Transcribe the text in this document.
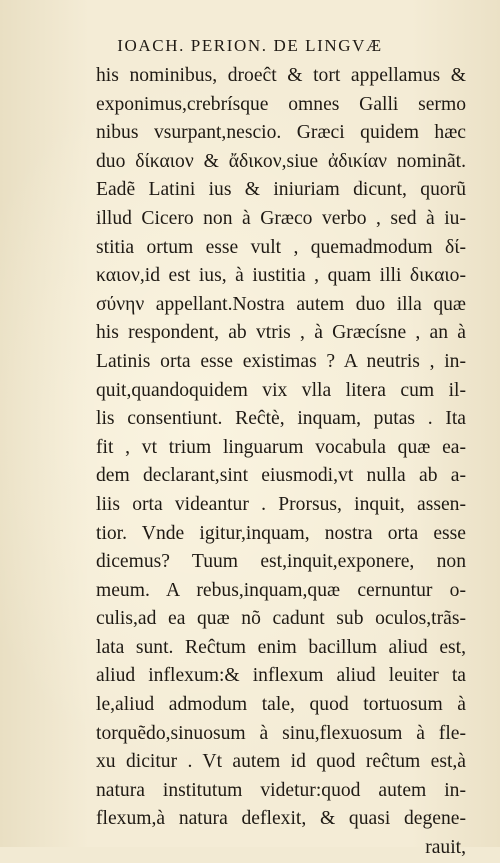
IOACH. PERION. DE LINGVÆ
his nominibus, droeĉt & tort appellamus &
exponimus,crebrísque omnes Galli sermo
nibus vsurpant,nescio. Græci quidem hæc
duo δίκαιον & ἄδικον,siue ἀδικίαν nominãt.
Eadẽ Latini ius & iniuriam dicunt, quorũ
illud Cicero non à Græco verbo , sed à iu-
stitia ortum esse vult , quemadmodum δί-
καιον,id est ius, à iustitia , quam illi δικαιο-
σύνην appellant.Nostra autem duo illa quæ
his respondent, ab vtris , à Græcísne , an à
Latinis orta esse existimas ? A neutris , in-
quit,quandoquidem vix vlla litera cum il-
lis consentiunt. Reĉtè, inquam, putas . Ita
fit , vt trium linguarum vocabula quæ ea-
dem declarant,sint eiusmodi,vt nulla ab a-
liis orta videantur . Prorsus, inquit, assen-
tior. Vnde igitur,inquam, nostra orta esse
dicemus? Tuum est,inquit,exponere, non
meum. A rebus,inquam,quæ cernuntur o-
culis,ad ea quæ nõ cadunt sub oculos,trãs-
lata sunt. Reĉtum enim bacillum aliud est,
aliud inflexum:& inflexum aliud leuiter ta
le,aliud admodum tale, quod tortuosum à
torquẽdo,sinuosum à sinu,flexuosum à fle-
xu dicitur . Vt autem id quod reĉtum est,à
natura institutum videtur:quod autem in-
flexum,à natura deflexit, & quasi degene-
rauit,
